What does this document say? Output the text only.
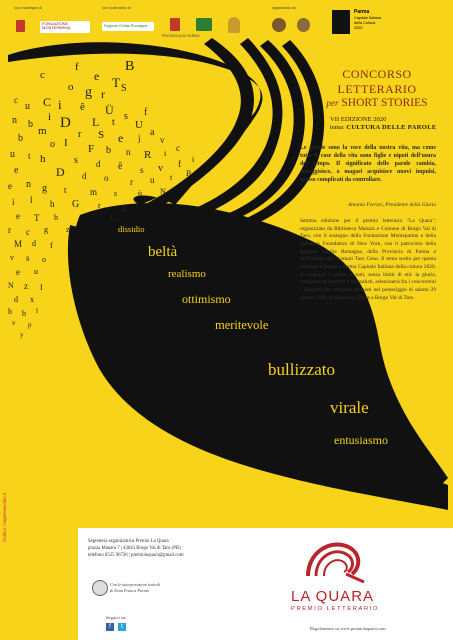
con il sostegno di
FONDAZIONE MONTEPARMA
con il patrocinio di
Regione Emilia-Romagna
PROVINCIA DI PARMA
organizzato da
Parma
Capitale Italiana
della Cultura
2020
c
f
e T
B
S
o g r
C i	Ü
c
u	ê
D
i	L t
s
U
f
S
n b
m	r	e j a
v
F
b
o I
b n R i
c
u t h	s d ê s v f i
e	D d o r u t B
e n g t	m s	ù N
i l h G r	g
e T h
r c g
M d f
v s o
e u
N z I
d x
h b l
v p
y
r L
z
CONCORSO
LETTERARIO
per SHORT STORIES
VII EDIZIONE 2020
tema: CULTURA DELLE PAROLE
Le parole sono la voce della nostra vita, ma come tutte le cose della vita sono figlie e nipoti dell'usura del tempo. Il significato delle parole cambia, arruggisisce, o magari acquisisce nuovi impulsi, spesso complicati da controllare.
Antonio Ferrari, Presidente della Giuria
Settima edizione per il premio letterario "La Quara", organizzato da Biblioteca Manara e Comune di Borgo Val di Taro, con il sostegno della Fondazione Monteparma e della Valtarese Foundation di New York, con il patrocinio della Regione Emilia Romagna, della Provincia di Parma e dell'Unione dei Comuni Taro Ceno. Il tema scelto per questa edizione è legato a Parma Capitale Italiana della cultura 2020. Il concorso è aperto a tutti, senza limiti di età: la giuria, composta da scrittori e giornalisti, selezionerà fra i concorrenti 5 finalisti che verranno premiati nel pomeriggio di sabato 29 agosto 2020, in piazza La Quara a Borgo Val di Taro.
dissidio
beltà
realismo
ottimismo
meritevole
bullizzato
virale
entusiasmo
Grafica: magentaecolori.it	Segreteria organizzativa Premio La Quara
piazza Manara 7 | 43043 Borgo Val di Taro (PR)
telefono 0525 96736 | premiolaquara@gmail.com
Con le interpretazioni teatrali
di Zona Franca Parma
Seguici su:
f	t
LA QUARA
PREMIO LETTERARIO
Regolamento su www.premiolaquara.com
